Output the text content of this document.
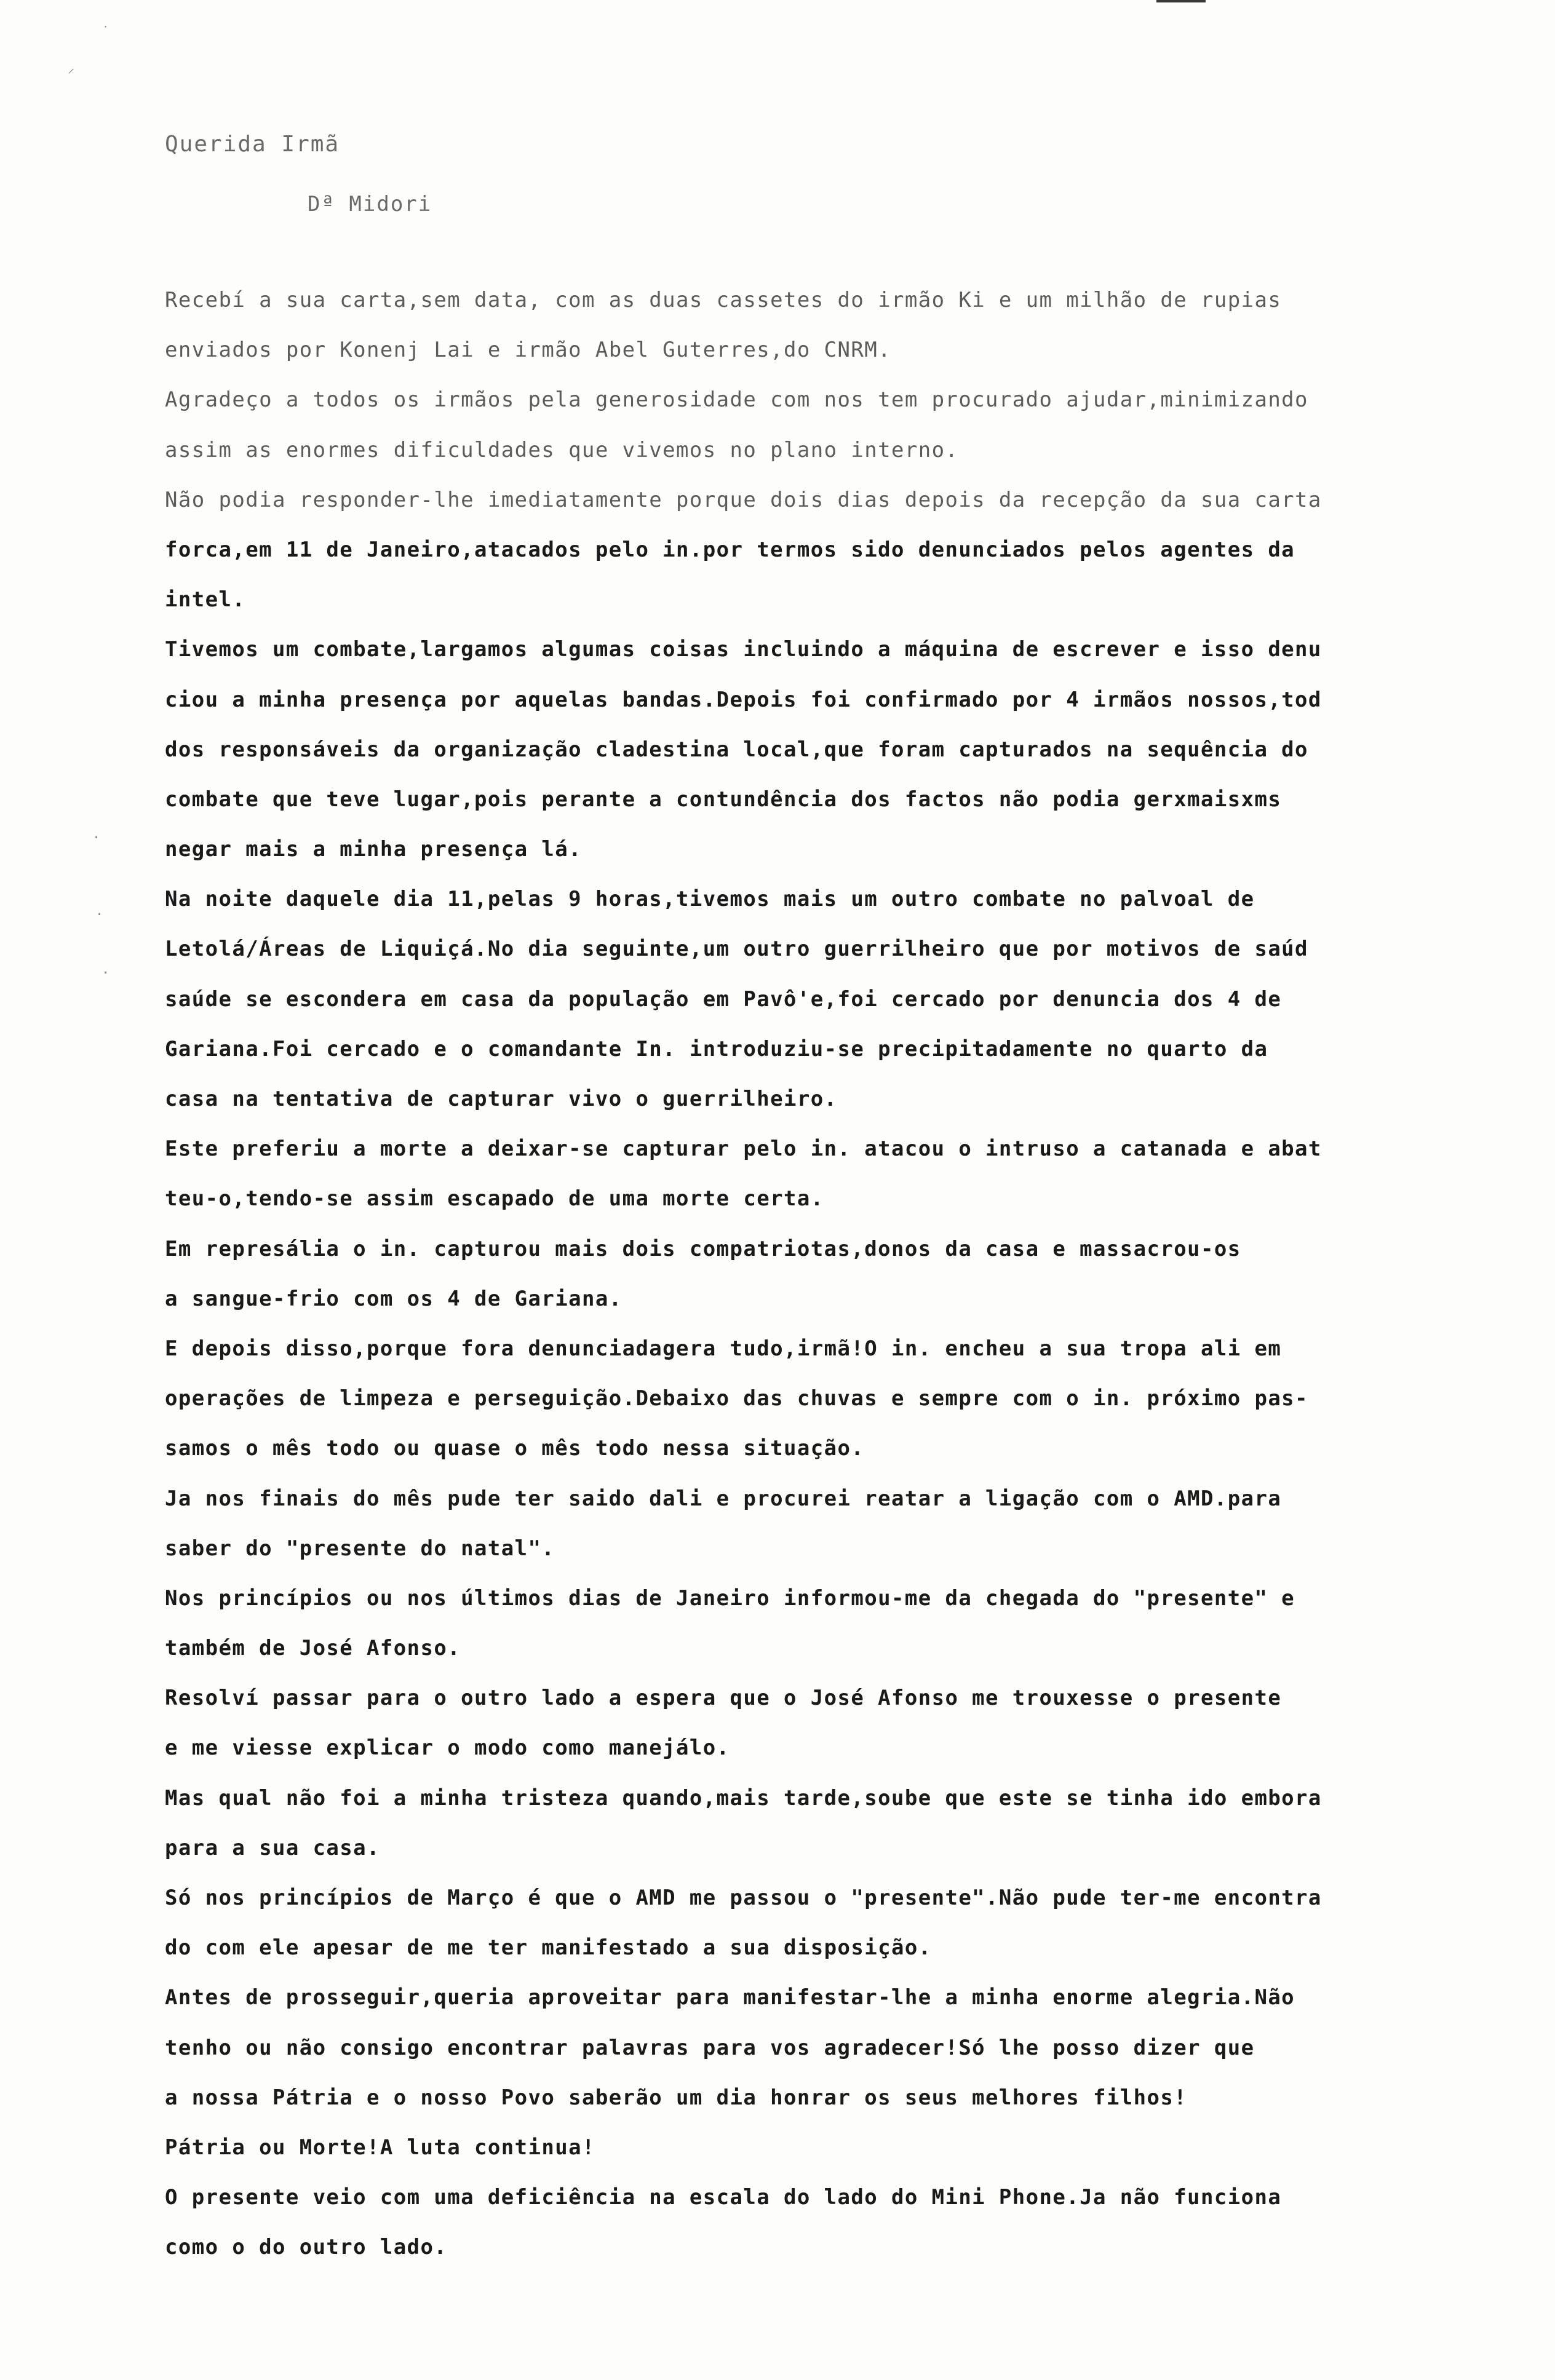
˙
⸝
·
·
·
Querida Irmã
Dª Midori
Recebí a sua carta,sem data, com as duas cassetes do irmão Ki e um milhão de rupias
enviados por Konenj Lai e irmão Abel Guterres,do CNRM.
Agradeço a todos os irmãos pela generosidade com nos tem procurado ajudar,minimizando
assim as enormes dificuldades que vivemos no plano interno.
Não podia responder-lhe imediatamente porque dois dias depois da recepção da sua carta
forca,em 11 de Janeiro,atacados pelo in.por termos sido denunciados pelos agentes da
intel.
Tivemos um combate,largamos algumas coisas incluindo a máquina de escrever e isso denu
ciou a minha presença por aquelas bandas.Depois foi confirmado por 4 irmãos nossos,tod
dos responsáveis da organização cladestina local,que foram capturados na sequência do
combate que teve lugar,pois perante a contundência dos factos não podia gerxmaisxms
negar mais a minha presença lá.
Na noite daquele dia 11,pelas 9 horas,tivemos mais um outro combate no palvoal de
Letolá/Áreas de Liquiçá.No dia seguinte,um outro guerrilheiro que por motivos de saúd
saúde se escondera em casa da população em Pavô'e,foi cercado por denuncia dos 4 de
Gariana.Foi cercado e o comandante In. introduziu-se precipitadamente no quarto da
casa na tentativa de capturar vivo o guerrilheiro.
Este preferiu a morte a deixar-se capturar pelo in. atacou o intruso a catanada e abat
teu-o,tendo-se assim escapado de uma morte certa.
Em represália o in. capturou mais dois compatriotas,donos da casa e massacrou-os
a sangue-frio com os 4 de Gariana.
E depois disso,porque fora denunciadagera tudo,irmã!O in. encheu a sua tropa ali em
operações de limpeza e perseguição.Debaixo das chuvas e sempre com o in. próximo pas-
samos o mês todo ou quase o mês todo nessa situação.
Ja nos finais do mês pude ter saido dali e procurei reatar a ligação com o AMD.para
saber do "presente do natal".
Nos princípios ou nos últimos dias de Janeiro informou-me da chegada do "presente" e
também de José Afonso.
Resolví passar para o outro lado a espera que o José Afonso me trouxesse o presente
e me viesse explicar o modo como manejálo.
Mas qual não foi a minha tristeza quando,mais tarde,soube que este se tinha ido embora
para a sua casa.
Só nos princípios de Março é que o AMD me passou o "presente".Não pude ter-me encontra
do com ele apesar de me ter manifestado a sua disposição.
Antes de prosseguir,queria aproveitar para manifestar-lhe a minha enorme alegria.Não
tenho ou não consigo encontrar palavras para vos agradecer!Só lhe posso dizer que
a nossa Pátria e o nosso Povo saberão um dia honrar os seus melhores filhos!
Pátria ou Morte!A luta continua!
O presente veio com uma deficiência na escala do lado do Mini Phone.Ja não funciona
como o do outro lado.
